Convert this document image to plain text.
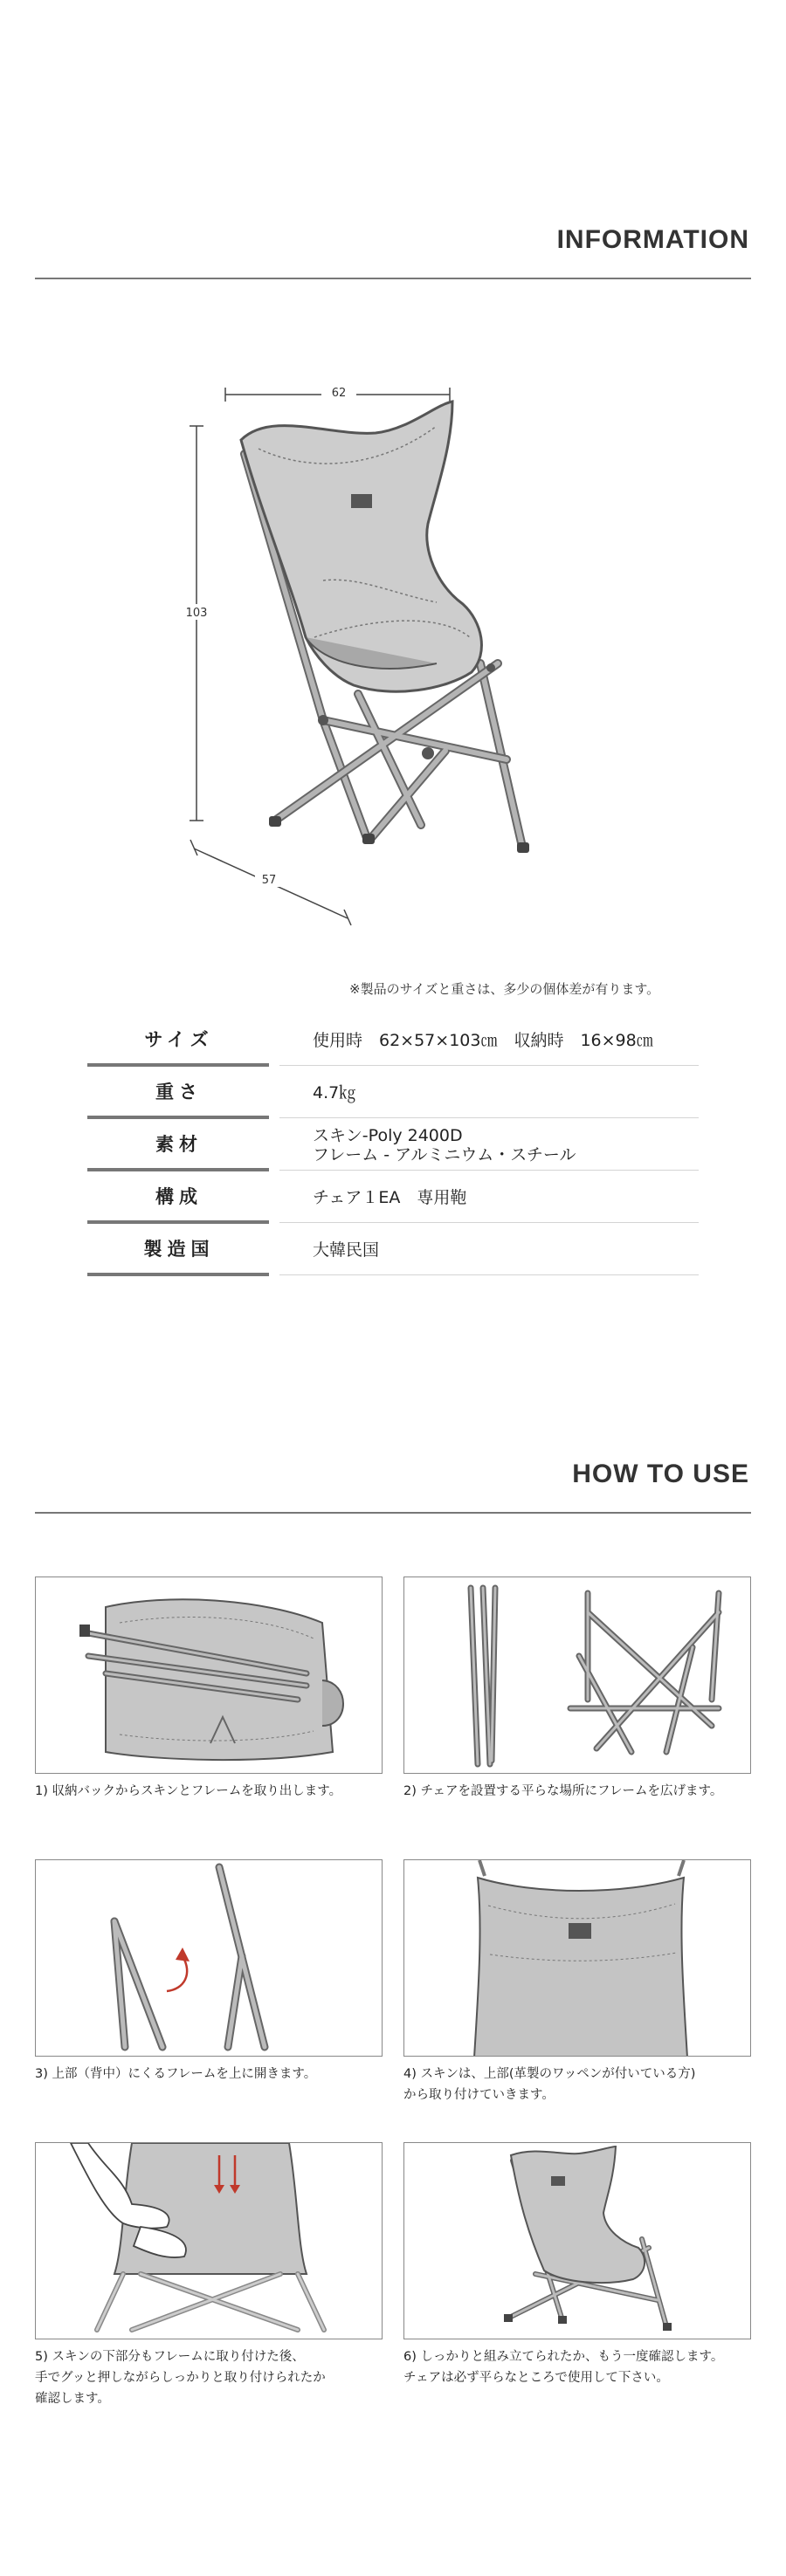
INFORMATION
62
103
57
※製品のサイズと重さは、多少の個体差が有ります。
サイズ	使用時　62×57×103㎝　収納時　16×98㎝
重さ	4.7㎏
素材	スキン-Poly 2400D
フレーム - アルミニウム・スチール
構成	チェア１EA　専用鞄
製造国	大韓民国
HOW TO USE
1) 収納バックからスキンとフレームを取り出します。	2) チェアを設置する平らな場所にフレームを広げます。
3) 上部（背中）にくるフレームを上に開きます。	4) スキンは、上部(革製のワッペンが付いている方)
から取り付けていきます。
5) スキンの下部分もフレームに取り付けた後、
手でグッと押しながらしっかりと取り付けられたか
確認します。
6) しっかりと組み立てられたか、もう一度確認します。
チェアは必ず平らなところで使用して下さい。
